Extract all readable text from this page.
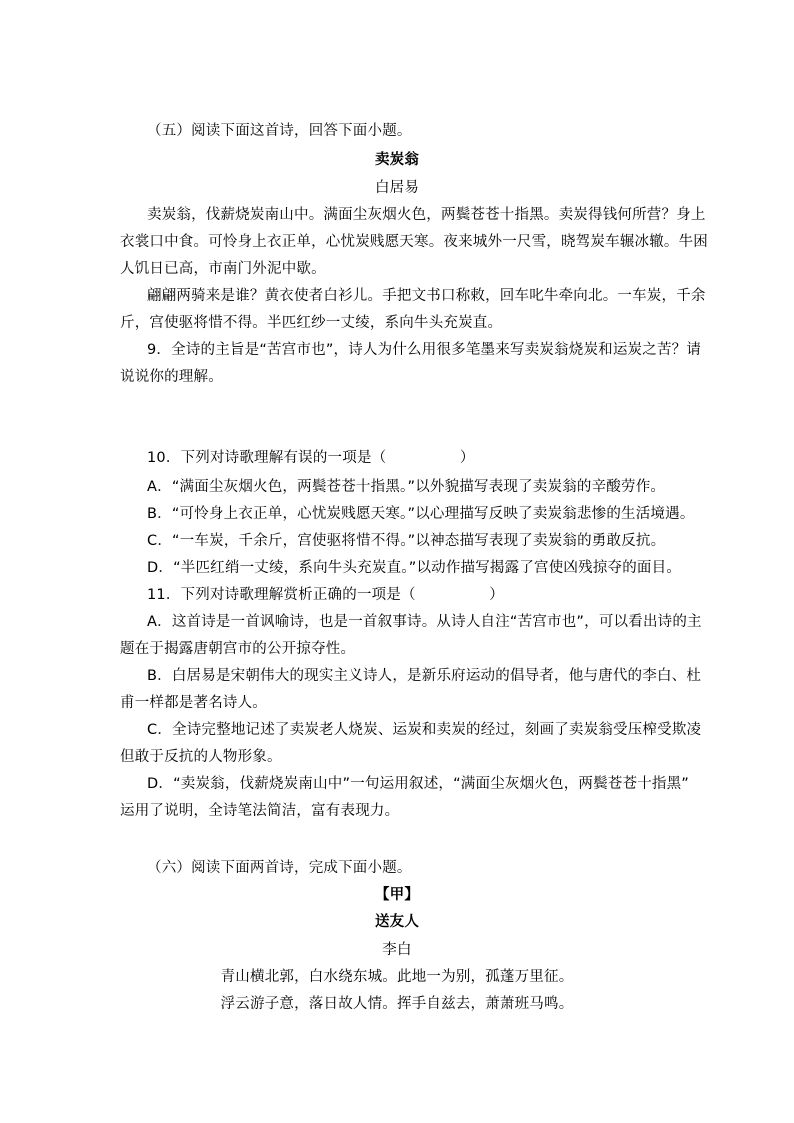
（五）阅读下面这首诗，回答下面小题。
卖炭翁
白居易
卖炭翁，伐薪烧炭南山中。满面尘灰烟火色，两鬓苍苍十指黑。卖炭得钱何所营？身上
衣裳口中食。可怜身上衣正单，心忧炭贱愿天寒。夜来城外一尺雪，晓驾炭车辗冰辙。牛困
人饥日已高，市南门外泥中歇。
翩翩两骑来是谁？黄衣使者白衫儿。手把文书口称敕，回车叱牛牵向北。一车炭，千余
斤，宫使驱将惜不得。半匹红纱一丈绫，系向牛头充炭直。
9．全诗的主旨是“苦宫市也”，诗人为什么用很多笔墨来写卖炭翁烧炭和运炭之苦？请
说说你的理解。
10．下列对诗歌理解有误的一项是（　　　　　）
A．“满面尘灰烟火色，两鬓苍苍十指黑。”以外貌描写表现了卖炭翁的辛酸劳作。
B．“可怜身上衣正单，心忧炭贱愿天寒。”以心理描写反映了卖炭翁悲惨的生活境遇。
C．“一车炭，千余斤，宫使驱将惜不得。”以神态描写表现了卖炭翁的勇敢反抗。
D．“半匹红绡一丈绫，系向牛头充炭直。”以动作描写揭露了宫使凶残掠夺的面目。
11．下列对诗歌理解赏析正确的一项是（　　　　　）
A．这首诗是一首讽喻诗，也是一首叙事诗。从诗人自注“苦宫市也”，可以看出诗的主
题在于揭露唐朝宫市的公开掠夺性。
B．白居易是宋朝伟大的现实主义诗人，是新乐府运动的倡导者，他与唐代的李白、杜
甫一样都是著名诗人。
C．全诗完整地记述了卖炭老人烧炭、运炭和卖炭的经过，刻画了卖炭翁受压榨受欺凌
但敢于反抗的人物形象。
D．“卖炭翁，伐薪烧炭南山中”一句运用叙述，“满面尘灰烟火色，两鬓苍苍十指黑”
运用了说明，全诗笔法简洁，富有表现力。
（六）阅读下面两首诗，完成下面小题。
【甲】
送友人
李白
青山横北郭，白水绕东城。此地一为别，孤蓬万里征。
浮云游子意，落日故人情。挥手自兹去，萧萧班马鸣。
